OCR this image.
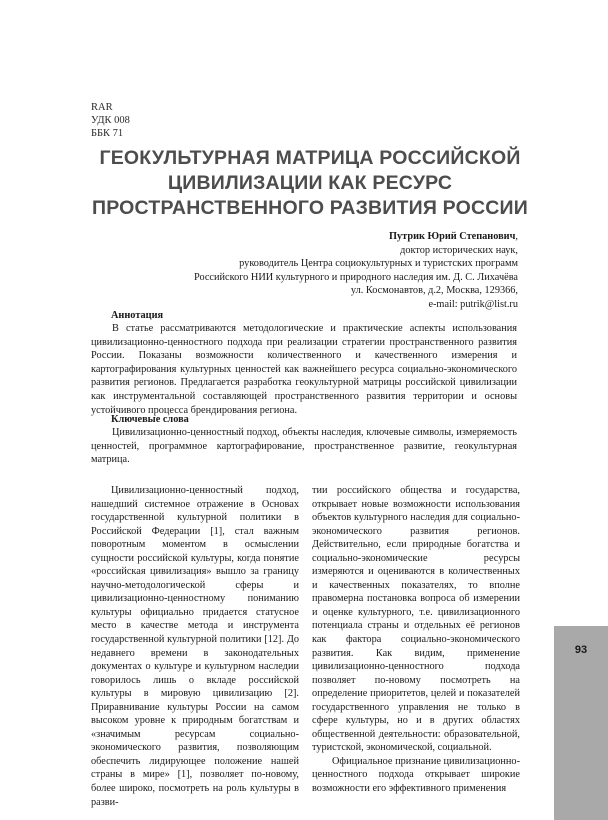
RAR
УДК 008
ББК 71
ГЕОКУЛЬТУРНАЯ МАТРИЦА РОССИЙСКОЙ
ЦИВИЛИЗАЦИИ КАК РЕСУРС
ПРОСТРАНСТВЕННОГО РАЗВИТИЯ РОССИИ
Путрик Юрий Степанович,
доктор исторических наук,
руководитель Центра социокультурных и туристских программ
Российского НИИ культурного и природного наследия им. Д. С. Лихачёва
ул. Космонавтов, д.2, Москва, 129366,
e-mail: putrik@list.ru
Аннотация

В статье рассматриваются методологические и практические аспекты использования цивилизационно-ценностного подхода при реализации стратегии пространственного развития России. Показаны возможности количественного и качественного измерения и картографирования культурных ценностей как важнейшего ресурса социально-экономического развития регионов. Предлагается разработка геокультурной матрицы российской цивилизации как инструментальной составляющей пространственного развития территории и основы устойчивого процесса брендирования региона.

Ключевые слова

Цивилизационно-ценностный подход, объекты наследия, ключевые символы, измеряемость ценностей, программное картографирование, пространственное развитие, геокультурная матрица.

Цивилизационно-ценностный подход, нашедший системное отражение в Основах государственной культурной политики в Российской Федерации [1], стал важным поворотным моментом в осмыслении сущности российской культуры, когда понятие «российская цивилизация» вышло за границу научно-методологической сферы и цивилизационно-ценностному пониманию культуры официально придается статусное место в качестве метода и инструмента государственной культурной политики [12]. До недавнего времени в законодательных документах о культуре и культурном наследии говорилось лишь о вкладе российской культуры в мировую цивилизацию [2]. Приравнивание культуры России на самом высоком уровне к природным богатствам и «значимым ресурсам социально-экономического развития, позволяющим обеспечить лидирующее положение нашей страны в мире» [1], позволяет по-новому, более широко, посмотреть на роль культуры в разви-

тии российского общества и государства, открывает новые возможности использования объектов культурного наследия для социально-экономического развития регионов. Действительно, если природные богатства и социально-экономические ресурсы измеряются и оцениваются в количественных и качественных показателях, то вполне правомерна постановка вопроса об измерении и оценке культурного, т.е. цивилизационного потенциала страны и отдельных её регионов как фактора социально-экономического развития. Как видим, применение цивилизационно-ценностного подхода позволяет по-новому посмотреть на определение приоритетов, целей и показателей государственного управления не только в сфере культуры, но и в других областях общественной деятельности: образовательной, туристской, экономической, социальной.

Официальное признание цивилизационно-ценностного подхода открывает широкие возможности его эффективного применения

93
